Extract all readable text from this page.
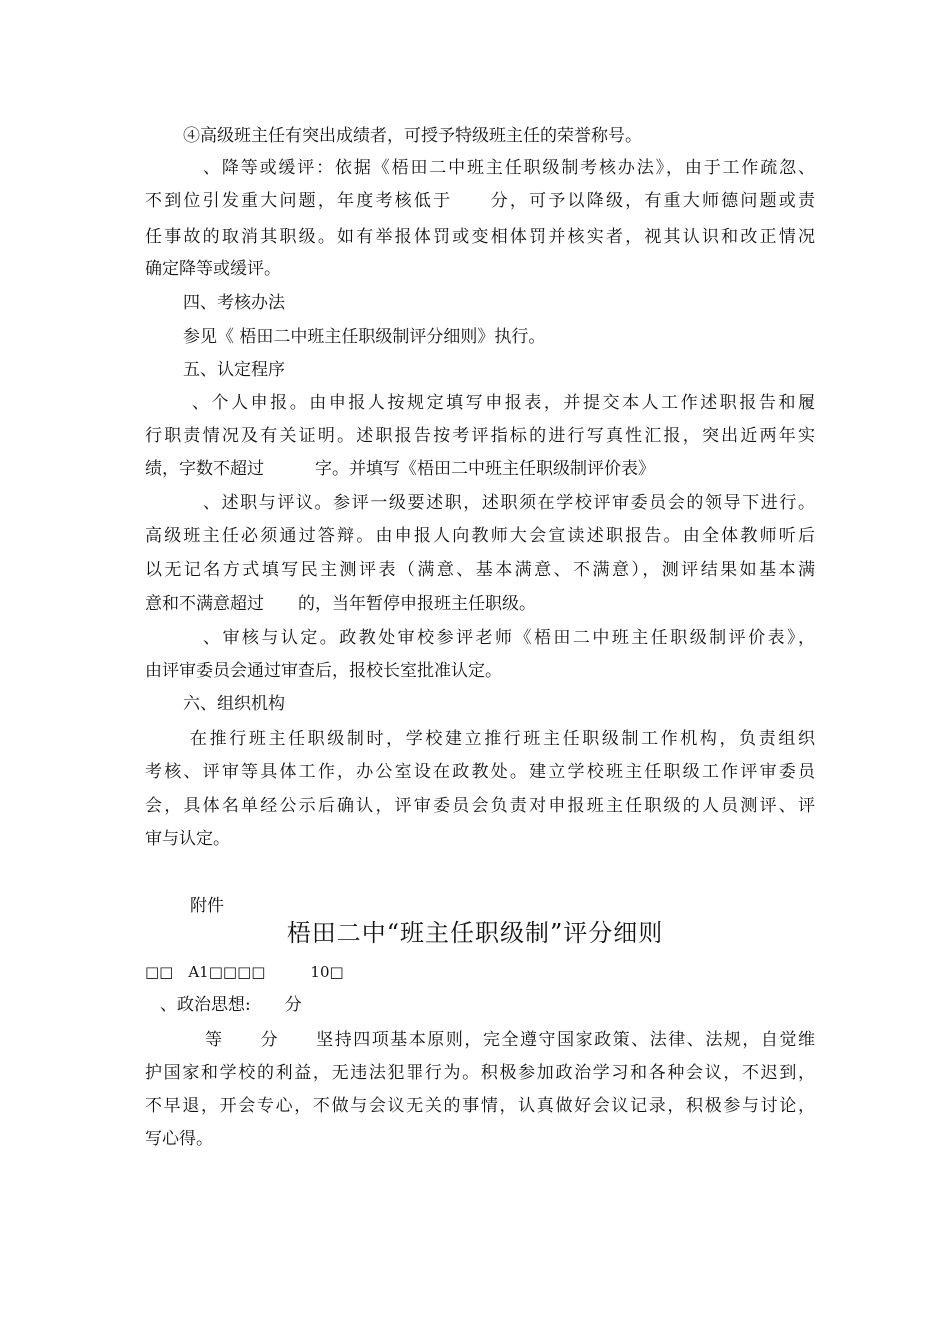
④高级班主任有突出成绩者，可授予特级班主任的荣誉称号。
、降等或缓评：依据《梧田二中班主任职级制考核办法》，由于工作疏忽、
不到位引发重大问题，年度考核低于　　分，可予以降级，有重大师德问题或责
任事故的取消其职级。如有举报体罚或变相体罚并核实者，视其认识和改正情况
确定降等或缓评。
四、考核办法
参见《 梧田二中班主任职级制评分细则》执行。
五、认定程序
、个人申报。由申报人按规定填写申报表，并提交本人工作述职报告和履
行职责情况及有关证明。述职报告按考评指标的进行写真性汇报，突出近两年实
绩，字数不超过　　　字。并填写《梧田二中班主任职级制评价表》
、述职与评议。参评一级要述职，述职须在学校评审委员会的领导下进行。
高级班主任必须通过答辩。由申报人向教师大会宣读述职报告。由全体教师听后
以无记名方式填写民主测评表（满意、基本满意、不满意），测评结果如基本满
意和不满意超过　　的，当年暂停申报班主任职级。
、审核与认定。政教处审校参评老师《梧田二中班主任职级制评价表》，
由评审委员会通过审查后，报校长室批准认定。
六、组织机构
在推行班主任职级制时，学校建立推行班主任职级制工作机构，负责组织
考核、评审等具体工作，办公室设在政教处。建立学校班主任职级工作评审委员
会，具体名单经公示后确认，评审委员会负责对申报班主任职级的人员测评、评
审与认定。
附件
梧田二中“班主任职级制”评分细则
□□　A1□□□□　　　10□
、政治思想:　　分
等　　分　　坚持四项基本原则，完全遵守国家政策、法律、法规，自觉维
护国家和学校的利益，无违法犯罪行为。积极参加政治学习和各种会议，不迟到，
不早退，开会专心，不做与会议无关的事情，认真做好会议记录，积极参与讨论，
写心得。
